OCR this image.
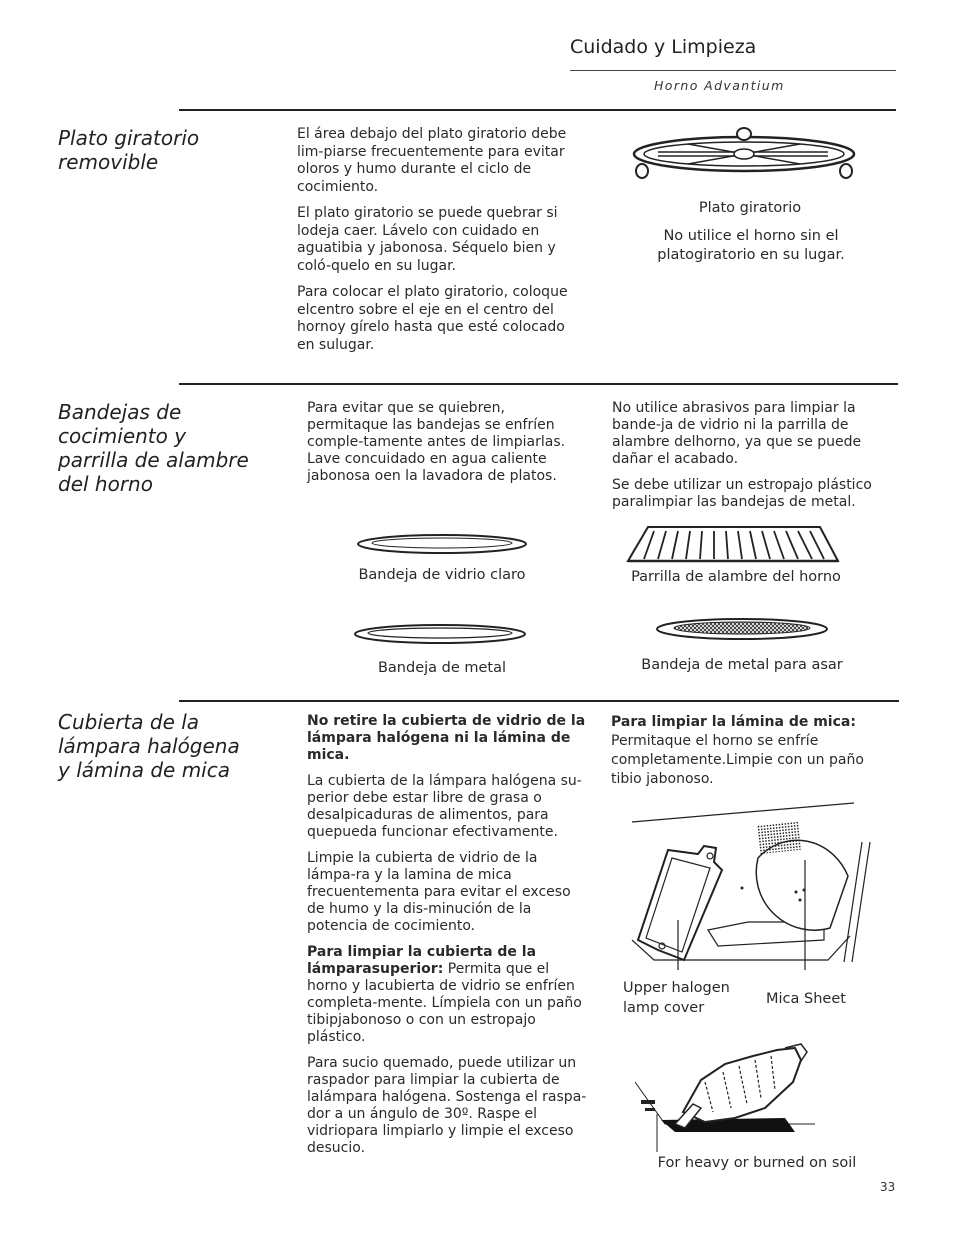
Cuidado y Limpieza
Horno Advantium
Plato giratorio
removible

El área debajo del plato giratorio debe lim-piarse frecuentemente para evitar oloros y humo durante el ciclo de cocimiento.

El plato giratorio se puede quebrar si lodeja caer. Lávelo con cuidado en aguatibia y jabonosa. Séquelo bien y coló-quelo en su lugar.

Para colocar el plato giratorio, coloque elcentro sobre el eje en el centro del hornoy gírelo hasta que esté colocado en sulugar.

Plato giratorio
No utilice el horno sin el platogiratorio en su lugar.
Bandejas de
cocimiento y
parrilla de alambre
del horno

Para evitar que se quiebren, permitaque las bandejas se enfríen comple-tamente antes de limpiarlas. Lave concuidado en agua caliente jabonosa oen la lavadora de platos.

No utilice abrasivos para limpiar la bande-ja de vidrio ni la parrilla de alambre delhorno, ya que se puede dañar el acabado.

Se debe utilizar un estropajo plástico paralimpiar las bandejas de metal.

Bandeja de vidrio claro	Parrilla de alambre del horno
Bandeja de metal	Bandeja de metal para asar
Cubierta de la
lámpara halógena
y lámina de mica

No retire la cubierta de vidrio de la lámpara halógena ni la lámina de mica.

La cubierta de la lámpara halógena su-perior debe estar libre de grasa o desalpicaduras de alimentos, para quepueda funcionar efectivamente.

Limpie la cubierta de vidrio de la lámpa-ra y la lamina de mica frecuentementa para evitar el exceso de humo y la dis-minución de la potencia de cocimiento.

Para limpiar la cubierta de la lámparasuperior: Permita que el horno y lacubierta de vidrio se enfríen completa-mente. Límpiela con un paño tibipjabonoso o con un estropajo plástico.

Para sucio quemado, puede utilizar un raspador para limpiar la cubierta de lalámpara halógena. Sostenga el raspa-dor a un ángulo de 30º. Raspe el vidriopara limpiarlo y limpie el exceso desucio.

Para limpiar la lámina de mica: Permitaque el horno se enfríe completamente.Limpie con un paño tibio jabonoso.

Upper halogen
lamp cover
Mica Sheet
For heavy or burned on soil
33
